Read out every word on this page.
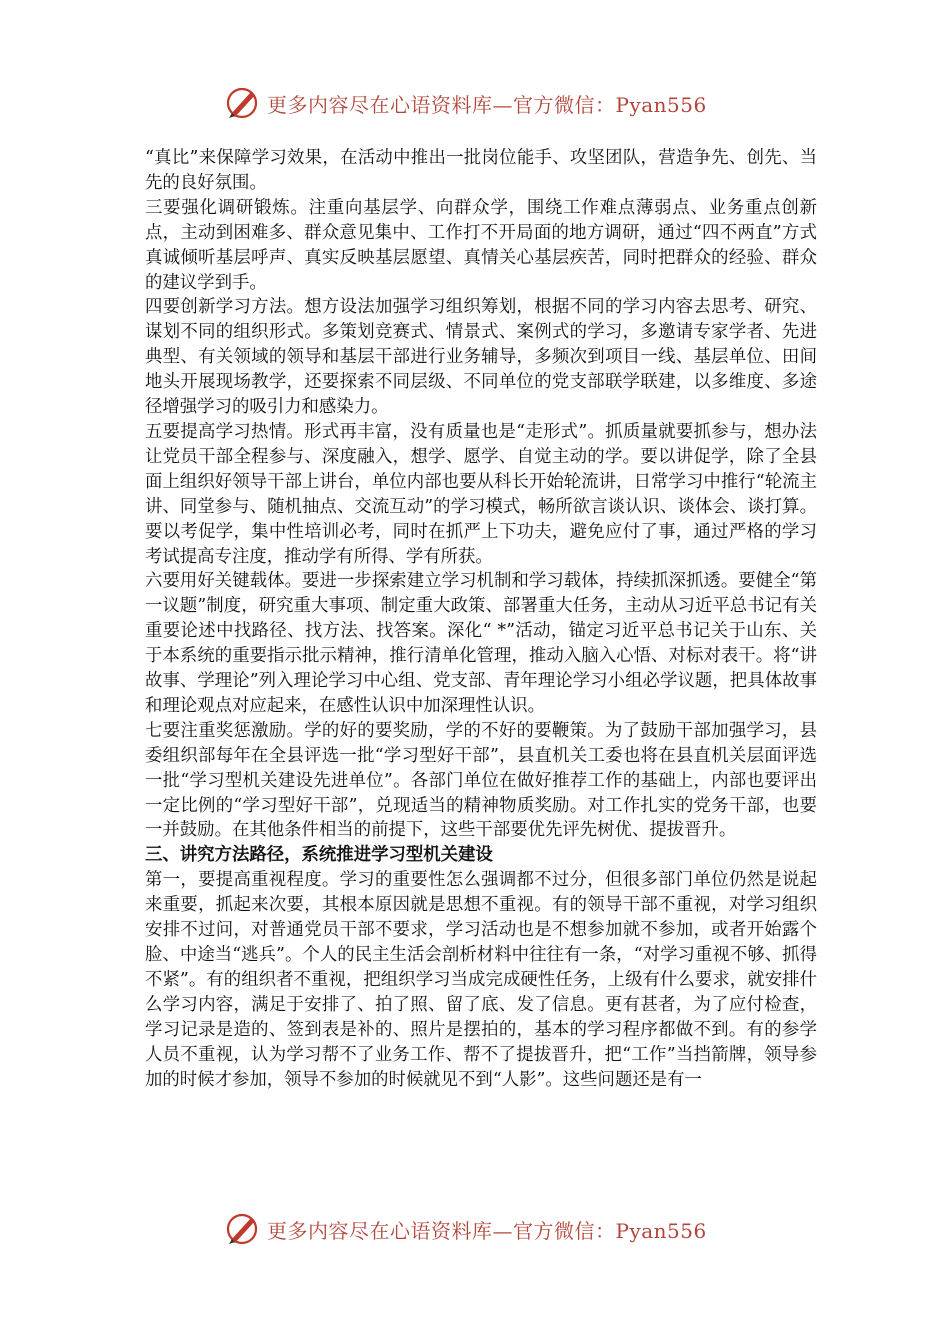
更多内容尽在心语资料库—官方微信：Pyan556

“真比”来保障学习效果，在活动中推出一批岗位能手、攻坚团队，营造争先、创先、当先的良好氛围。

三要强化调研锻炼。注重向基层学、向群众学，围绕工作难点薄弱点、业务重点创新点，主动到困难多、群众意见集中、工作打不开局面的地方调研，通过“四不两直”方式真诚倾听基层呼声、真实反映基层愿望、真情关心基层疾苦，同时把群众的经验、群众的建议学到手。

四要创新学习方法。想方设法加强学习组织筹划，根据不同的学习内容去思考、研究、谋划不同的组织形式。多策划竞赛式、情景式、案例式的学习，多邀请专家学者、先进典型、有关领域的领导和基层干部进行业务辅导，多频次到项目一线、基层单位、田间地头开展现场教学，还要探索不同层级、不同单位的党支部联学联建，以多维度、多途径增强学习的吸引力和感染力。

五要提高学习热情。形式再丰富，没有质量也是“走形式”。抓质量就要抓参与，想办法让党员干部全程参与、深度融入，想学、愿学、自觉主动的学。要以讲促学，除了全县面上组织好领导干部上讲台，单位内部也要从科长开始轮流讲，日常学习中推行“轮流主讲、同堂参与、随机抽点、交流互动”的学习模式，畅所欲言谈认识、谈体会、谈打算。要以考促学，集中性培训必考，同时在抓严上下功夫，避免应付了事，通过严格的学习考试提高专注度，推动学有所得、学有所获。

六要用好关键载体。要进一步探索建立学习机制和学习载体，持续抓深抓透。要健全“第一议题”制度，研究重大事项、制定重大政策、部署重大任务，主动从习近平总书记有关重要论述中找路径、找方法、找答案。深化“ *”活动，锚定习近平总书记关于山东、关于本系统的重要指示批示精神，推行清单化管理，推动入脑入心悟、对标对表干。将“讲故事、学理论”列入理论学习中心组、党支部、青年理论学习小组必学议题，把具体故事和理论观点对应起来，在感性认识中加深理性认识。

七要注重奖惩激励。学的好的要奖励，学的不好的要鞭策。为了鼓励干部加强学习，县委组织部每年在全县评选一批“学习型好干部”，县直机关工委也将在县直机关层面评选一批“学习型机关建设先进单位”。各部门单位在做好推荐工作的基础上，内部也要评出一定比例的“学习型好干部”，兑现适当的精神物质奖励。对工作扎实的党务干部，也要一并鼓励。在其他条件相当的前提下，这些干部要优先评先树优、提拔晋升。

三、讲究方法路径，系统推进学习型机关建设

第一，要提高重视程度。学习的重要性怎么强调都不过分，但很多部门单位仍然是说起来重要，抓起来次要，其根本原因就是思想不重视。有的领导干部不重视，对学习组织安排不过问，对普通党员干部不要求，学习活动也是不想参加就不参加，或者开始露个脸、中途当“逃兵”。个人的民主生活会剖析材料中往往有一条，“对学习重视不够、抓得不紧”。有的组织者不重视，把组织学习当成完成硬性任务，上级有什么要求，就安排什么学习内容，满足于安排了、拍了照、留了底、发了信息。更有甚者，为了应付检查，学习记录是造的、签到表是补的、照片是摆拍的，基本的学习程序都做不到。有的参学人员不重视，认为学习帮不了业务工作、帮不了提拔晋升，把“工作”当挡箭牌，领导参加的时候才参加，领导不参加的时候就见不到“人影”。这些问题还是有一

更多内容尽在心语资料库—官方微信：Pyan556
